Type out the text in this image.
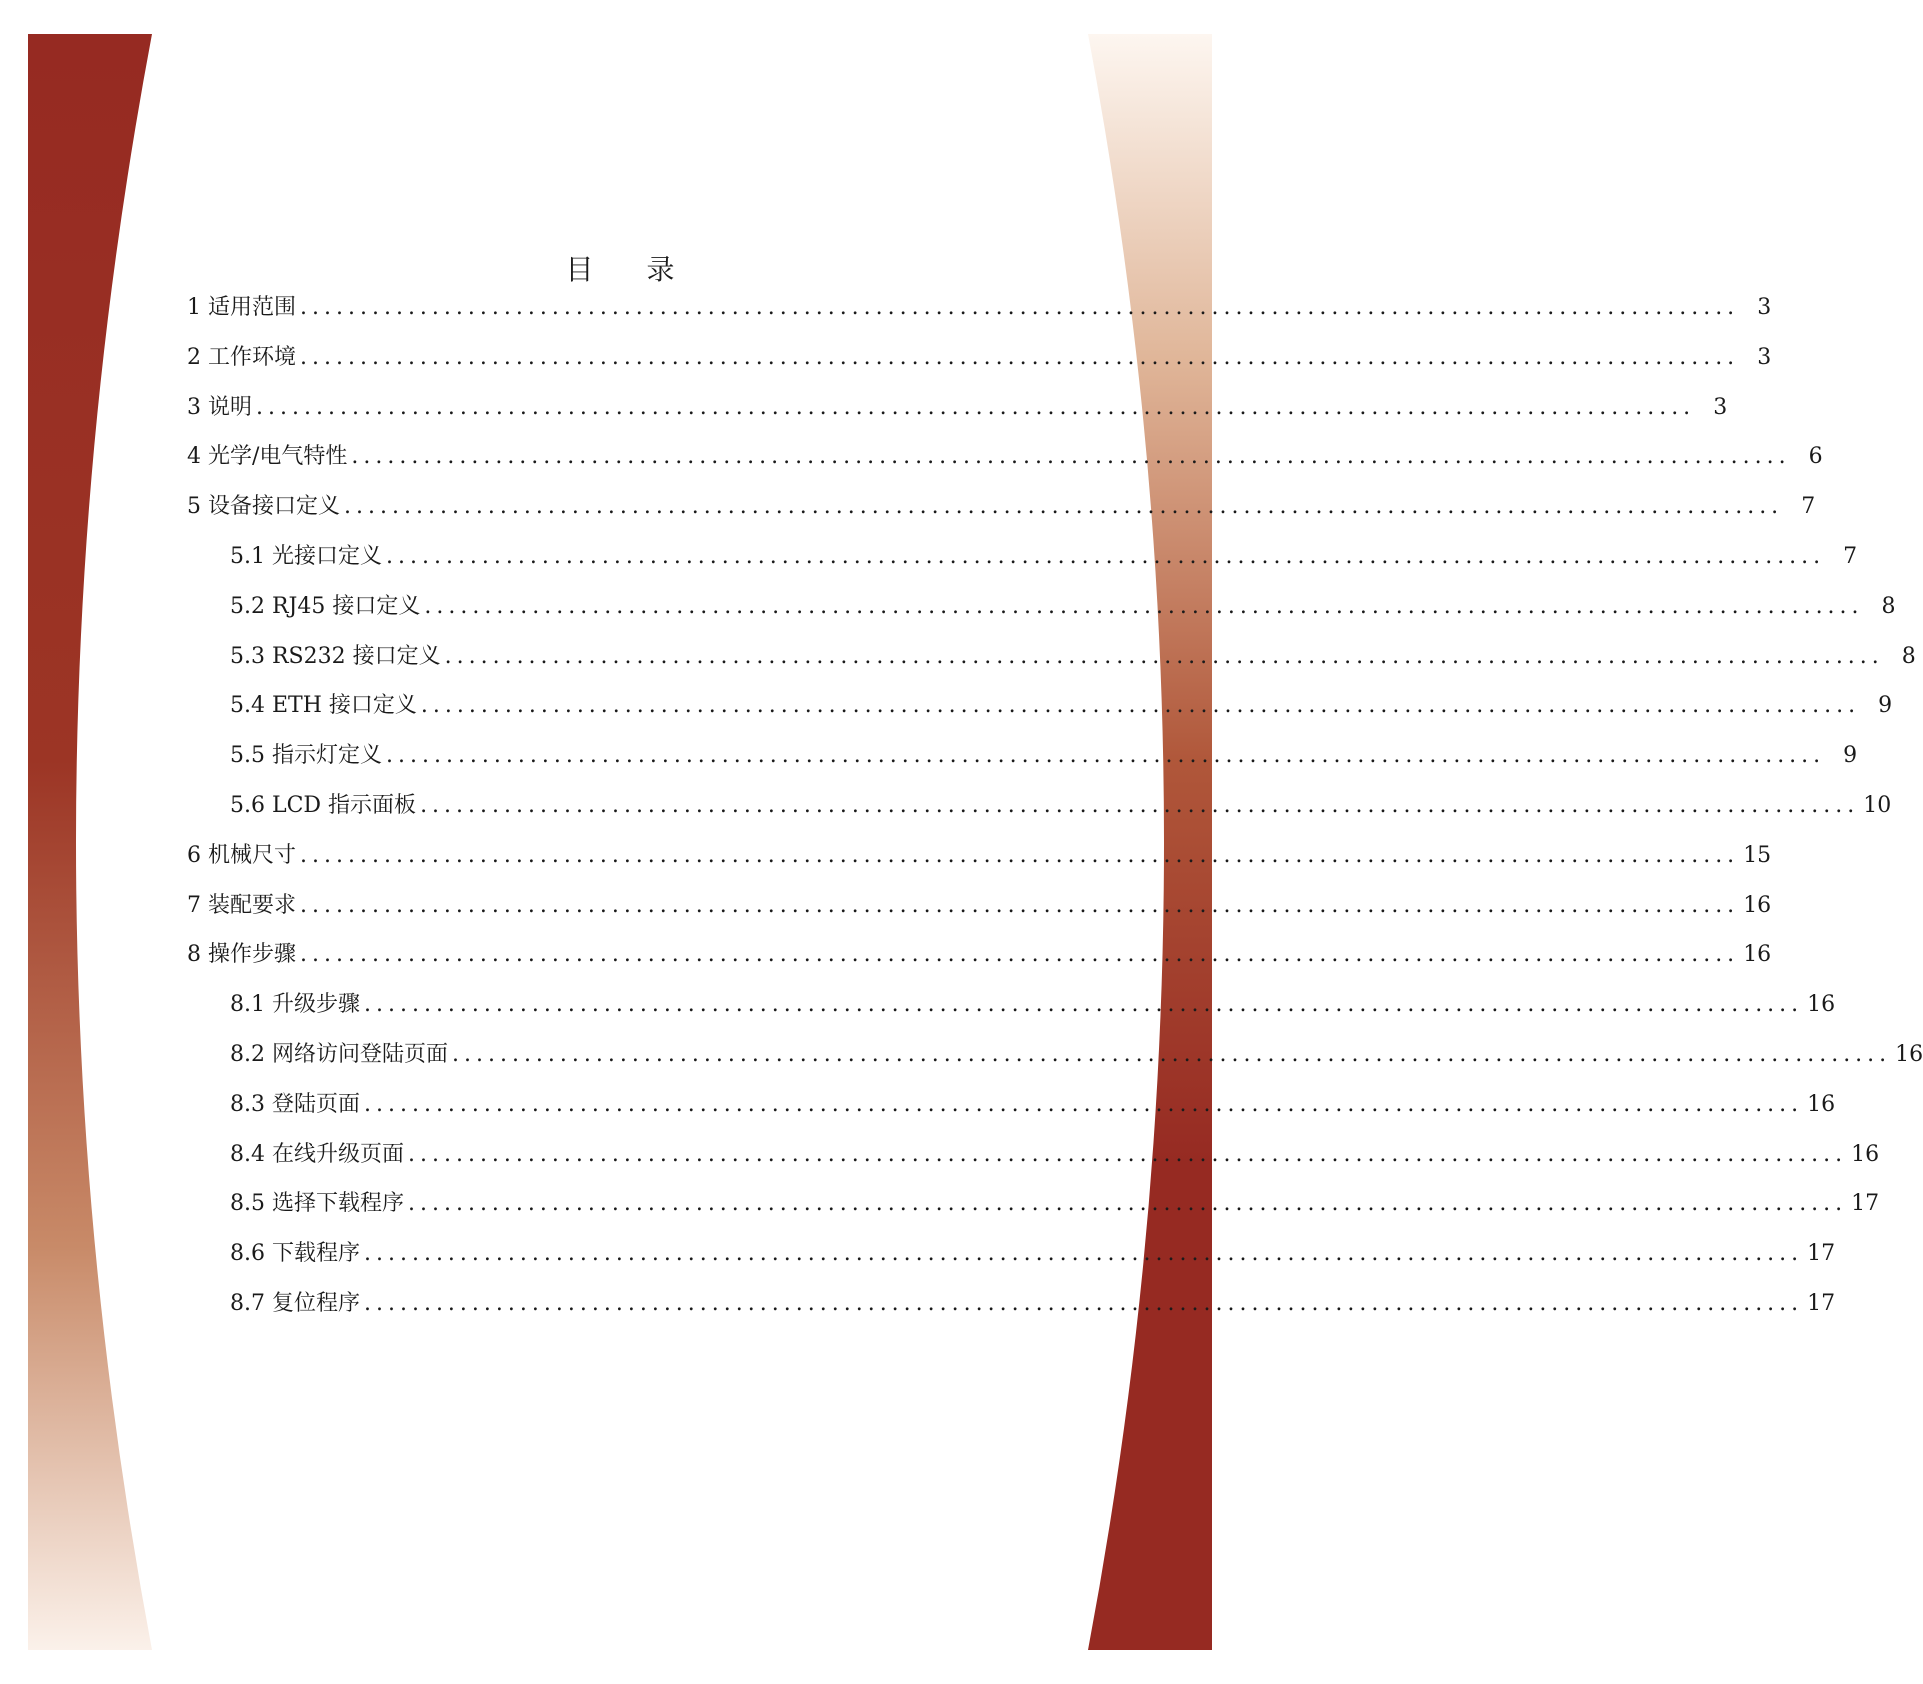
目 录
1 适用范围 ........................................................................................................................ 3
2 工作环境 ........................................................................................................................ 3
3 说明 ........................................................................................................................ 3
4 光学/电气特性 ........................................................................................................................ 6
5 设备接口定义 ........................................................................................................................ 7
5.1 光接口定义 ........................................................................................................................ 7
5.2 RJ45 接口定义 ........................................................................................................................ 8
5.3 RS232 接口定义 ........................................................................................................................ 8
5.4 ETH 接口定义 ........................................................................................................................ 9
5.5 指示灯定义 ........................................................................................................................ 9
5.6 LCD 指示面板 ........................................................................................................................ 10
6 机械尺寸 ........................................................................................................................ 15
7 装配要求 ........................................................................................................................ 16
8 操作步骤 ........................................................................................................................ 16
8.1 升级步骤 ........................................................................................................................ 16
8.2 网络访问登陆页面 ........................................................................................................................ 16
8.3 登陆页面 ........................................................................................................................ 16
8.4 在线升级页面 ........................................................................................................................ 16
8.5 选择下载程序 ........................................................................................................................ 17
8.6 下载程序 ........................................................................................................................ 17
8.7 复位程序 ........................................................................................................................ 17
